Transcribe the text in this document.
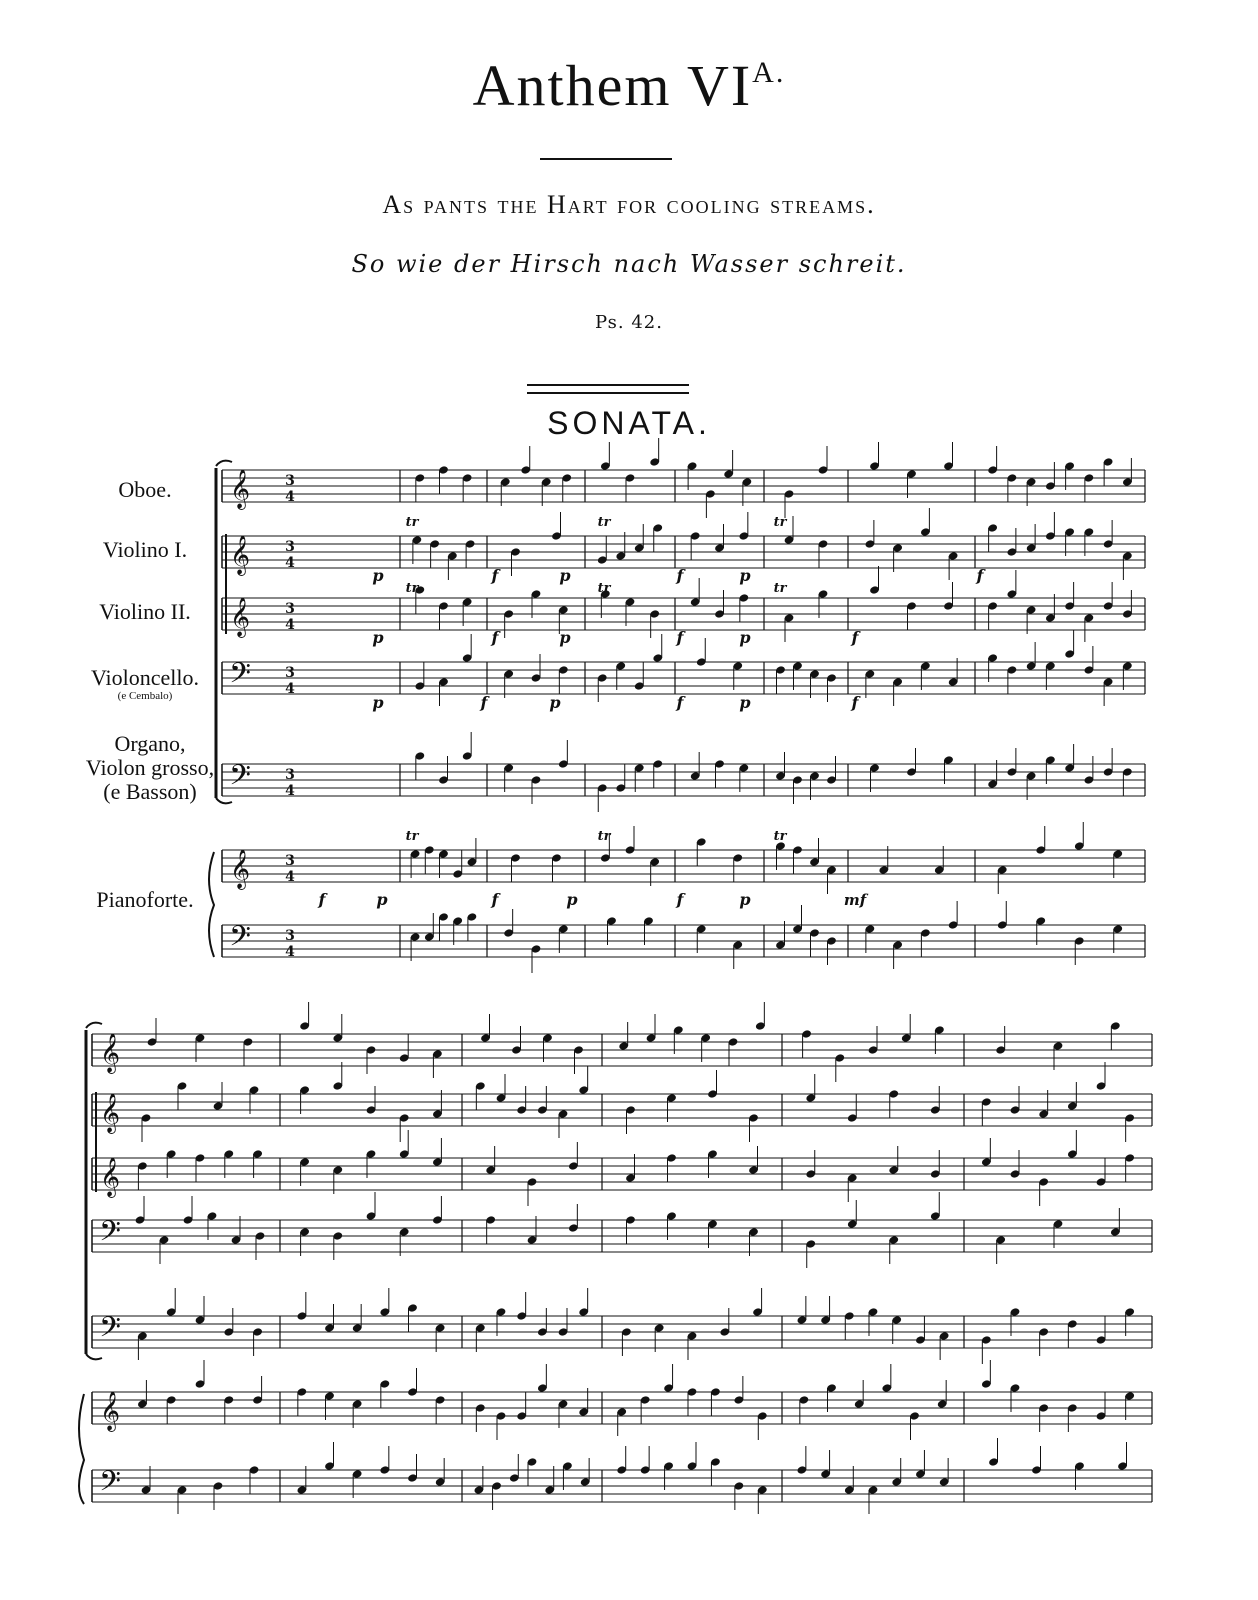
Anthem $VI^{A.}$
As pants the Hart for cooling streams.
So wie der Hirsch nach Wasser schreit.
Ps. 42.
SONATA.
Oboe.
Violino I.
Violino II.
Violoncello.
(e Cembalo)
Organo,
Violon grosso,
(e Basson)
Pianoforte.
3
4
3
4
3
4
3
4
3
4
tr	tr	tr
tr	tr	tr
p	f	p	f	p	f
p	f	p	f	p	f
p	f	p	f	p	f
3
4
3
4
tr	tr	tr
f	p	f	p	f	p	mf
𝄞
𝄞
𝄞
𝄞
𝄢
𝄢
𝄢
𝄞
𝄞
𝄞
𝄞
𝄢
𝄢
𝄢
